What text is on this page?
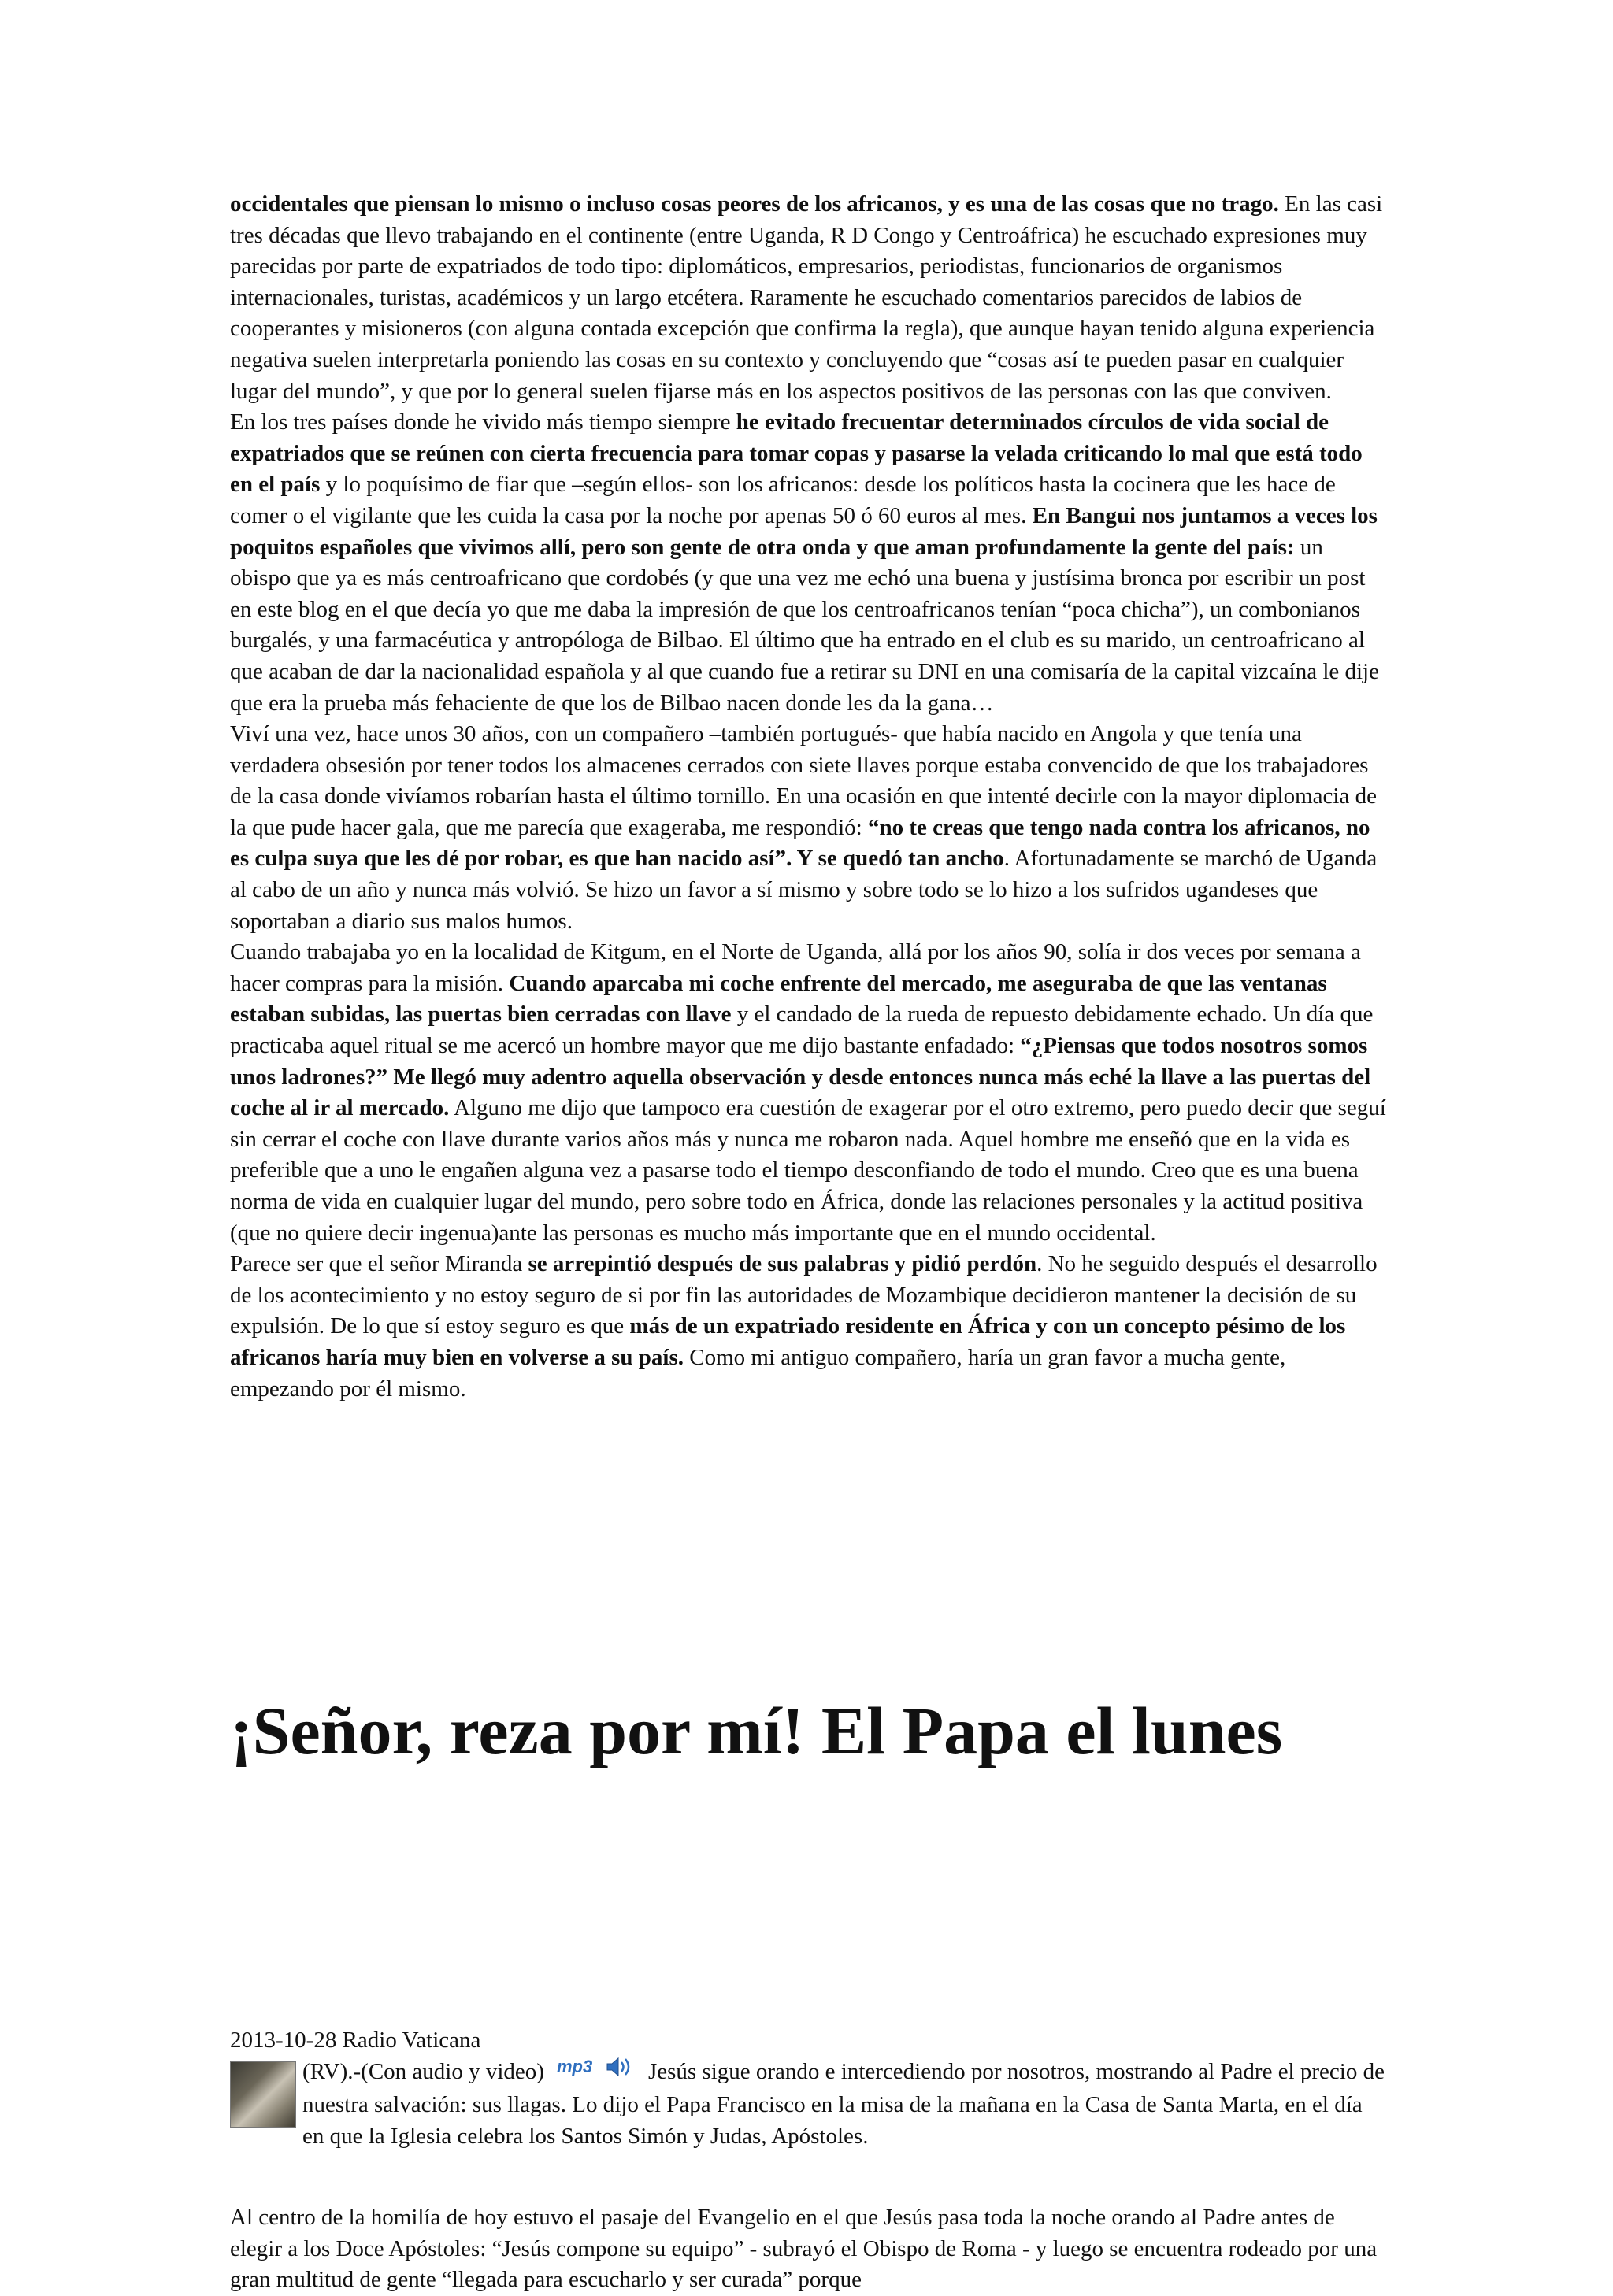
occidentales que piensan lo mismo o incluso cosas peores de los africanos, y es una de las cosas que no trago. En las casi tres décadas que llevo trabajando en el continente (entre Uganda, R D Congo y Centroáfrica) he escuchado expresiones muy parecidas por parte de expatriados de todo tipo: diplomáticos, empresarios, periodistas, funcionarios de organismos internacionales, turistas, académicos y un largo etcétera. Raramente he escuchado comentarios parecidos de labios de cooperantes y misioneros (con alguna contada excepción que confirma la regla), que aunque hayan tenido alguna experiencia negativa suelen interpretarla poniendo las cosas en su contexto y concluyendo que “cosas así te pueden pasar en cualquier lugar del mundo”, y que por lo general suelen fijarse más en los aspectos positivos de las personas con las que conviven.

En los tres países donde he vivido más tiempo siempre he evitado frecuentar determinados círculos de vida social de expatriados que se reúnen con cierta frecuencia para tomar copas y pasarse la velada criticando lo mal que está todo en el país y lo poquísimo de fiar que –según ellos- son los africanos: desde los políticos hasta la cocinera que les hace de comer o el vigilante que les cuida la casa por la noche por apenas 50 ó 60 euros al mes. En Bangui nos juntamos a veces los poquitos españoles que vivimos allí, pero son gente de otra onda y que aman profundamente la gente del país: un obispo que ya es más centroafricano que cordobés (y que una vez me echó una buena y justísima bronca por escribir un post en este blog en el que decía yo que me daba la impresión de que los centroafricanos tenían “poca chicha”), un combonianos burgalés, y una farmacéutica y antropóloga de Bilbao. El último que ha entrado en el club es su marido, un centroafricano al que acaban de dar la nacionalidad española y al que cuando fue a retirar su DNI en una comisaría de la capital vizcaína le dije que era la prueba más fehaciente de que los de Bilbao nacen donde les da la gana…

Viví una vez, hace unos 30 años, con un compañero –también portugués- que había nacido en Angola y que tenía una verdadera obsesión por tener todos los almacenes cerrados con siete llaves porque estaba convencido de que los trabajadores de la casa donde vivíamos robarían hasta el último tornillo. En una ocasión en que intenté decirle con la mayor diplomacia de la que pude hacer gala, que me parecía que exageraba, me respondió: “no te creas que tengo nada contra los africanos, no es culpa suya que les dé por robar, es que han nacido así”. Y se quedó tan ancho. Afortunadamente se marchó de Uganda al cabo de un año y nunca más volvió. Se hizo un favor a sí mismo y sobre todo se lo hizo a los sufridos ugandeses que soportaban a diario sus malos humos.

Cuando trabajaba yo en la localidad de Kitgum, en el Norte de Uganda, allá por los años 90, solía ir dos veces por semana a hacer compras para la misión. Cuando aparcaba mi coche enfrente del mercado, me aseguraba de que las ventanas estaban subidas, las puertas bien cerradas con llave y el candado de la rueda de repuesto debidamente echado. Un día que practicaba aquel ritual se me acercó un hombre mayor que me dijo bastante enfadado: “¿Piensas que todos nosotros somos unos ladrones?” Me llegó muy adentro aquella observación y desde entonces nunca más eché la llave a las puertas del coche al ir al mercado. Alguno me dijo que tampoco era cuestión de exagerar por el otro extremo, pero puedo decir que seguí sin cerrar el coche con llave durante varios años más y nunca me robaron nada. Aquel hombre me enseñó que en la vida es preferible que a uno le engañen alguna vez a pasarse todo el tiempo desconfiando de todo el mundo. Creo que es una buena norma de vida en cualquier lugar del mundo, pero sobre todo en África, donde las relaciones personales y la actitud positiva (que no quiere decir ingenua)ante las personas es mucho más importante que en el mundo occidental.

Parece ser que el señor Miranda se arrepintió después de sus palabras y pidió perdón. No he seguido después el desarrollo de los acontecimiento y no estoy seguro de si por fin las autoridades de Mozambique decidieron mantener la decisión de su expulsión. De lo que sí estoy seguro es que más de un expatriado residente en África y con un concepto pésimo de los africanos haría muy bien en volverse a su país. Como mi antiguo compañero, haría un gran favor a mucha gente, empezando por él mismo.

¡Señor, reza por mí! El Papa el lunes
2013-10-28 Radio Vaticana
(RV).-(Con audio y video) mp3 Jesús sigue orando e intercediendo por nosotros, mostrando al Padre el precio de nuestra salvación: sus llagas. Lo dijo el Papa Francisco en la misa de la mañana en la Casa de Santa Marta, en el día en que la Iglesia celebra los Santos Simón y Judas, Apóstoles.

Al centro de la homilía de hoy estuvo el pasaje del Evangelio en el que Jesús pasa toda la noche orando al Padre antes de elegir a los Doce Apóstoles: “Jesús compone su equipo” - subrayó el Obispo de Roma - y luego se encuentra rodeado por una gran multitud de gente “llegada para escucharlo y ser curada” porque
